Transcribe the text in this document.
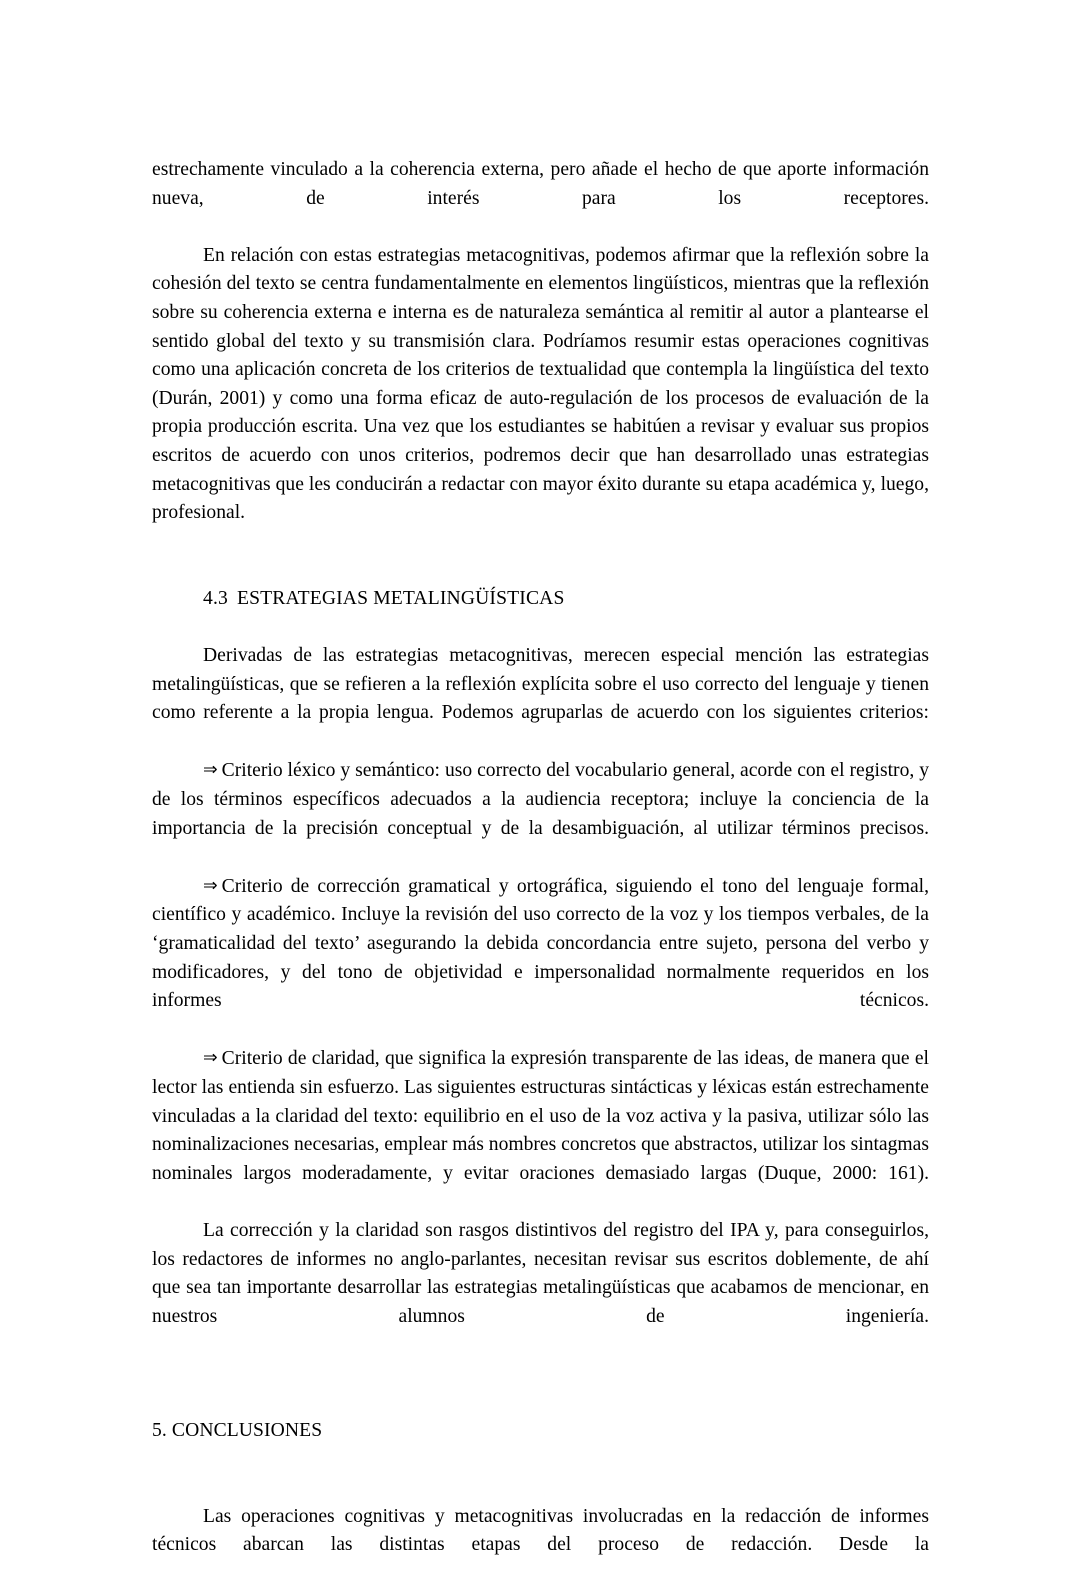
estrechamente vinculado a la coherencia externa, pero añade el hecho de que aporte información nueva, de interés para los receptores.

En relación con estas estrategias metacognitivas, podemos afirmar que la reflexión sobre la cohesión del texto se centra fundamentalmente en elementos lingüísticos, mientras que la reflexión sobre su coherencia externa e interna es de naturaleza semántica al remitir al autor a plantearse el sentido global del texto y su transmisión clara. Podríamos resumir estas operaciones cognitivas como una aplicación concreta de los criterios de textualidad que contempla la lingüística del texto (Durán, 2001) y como una forma eficaz de auto-regulación de los procesos de evaluación de la propia producción escrita. Una vez que los estudiantes se habitúen a revisar y evaluar sus propios escritos de acuerdo con unos criterios, podremos decir que han desarrollado unas estrategias metacognitivas que les conducirán a redactar con mayor éxito durante su etapa académica y, luego, profesional.

4.3 ESTRATEGIAS METALINGÜÍSTICAS

Derivadas de las estrategias metacognitivas, merecen especial mención las estrategias metalingüísticas, que se refieren a la reflexión explícita sobre el uso correcto del lenguaje y tienen como referente a la propia lengua. Podemos agruparlas de acuerdo con los siguientes criterios:

⇒ Criterio léxico y semántico: uso correcto del vocabulario general, acorde con el registro, y de los términos específicos adecuados a la audiencia receptora; incluye la conciencia de la importancia de la precisión conceptual y de la desambiguación, al utilizar términos precisos.

⇒ Criterio de corrección gramatical y ortográfica, siguiendo el tono del lenguaje formal, científico y académico. Incluye la revisión del uso correcto de la voz y los tiempos verbales, de la ‘gramaticalidad del texto’ asegurando la debida concordancia entre sujeto, persona del verbo y modificadores, y del tono de objetividad e impersonalidad normalmente requeridos en los informes técnicos.

⇒ Criterio de claridad, que significa la expresión transparente de las ideas, de manera que el lector las entienda sin esfuerzo. Las siguientes estructuras sintácticas y léxicas están estrechamente vinculadas a la claridad del texto: equilibrio en el uso de la voz activa y la pasiva, utilizar sólo las nominalizaciones necesarias, emplear más nombres concretos que abstractos, utilizar los sintagmas nominales largos moderadamente, y evitar oraciones demasiado largas (Duque, 2000: 161).

La corrección y la claridad son rasgos distintivos del registro del IPA y, para conseguirlos, los redactores de informes no anglo-parlantes, necesitan revisar sus escritos doblemente, de ahí que sea tan importante desarrollar las estrategias metalingüísticas que acabamos de mencionar, en nuestros alumnos de ingeniería.

5. CONCLUSIONES

Las operaciones cognitivas y metacognitivas involucradas en la redacción de informes técnicos abarcan las distintas etapas del proceso de redacción. Desde la
